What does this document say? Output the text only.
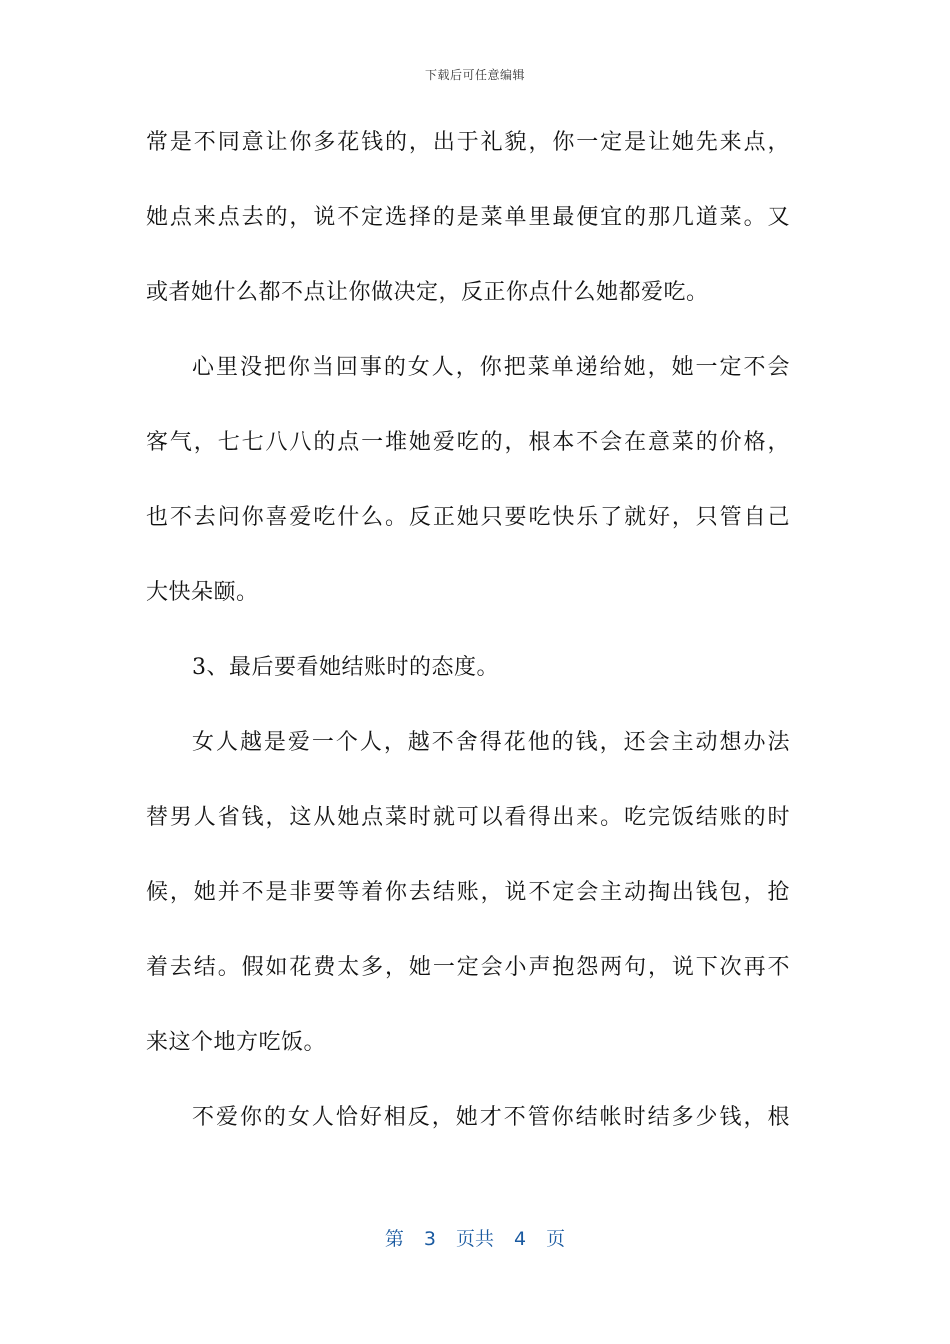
下载后可任意编辑
常是不同意让你多花钱的，出于礼貌，你一定是让她先来点，
她点来点去的，说不定选择的是菜单里最便宜的那几道菜。又
或者她什么都不点让你做决定，反正你点什么她都爱吃。
心里没把你当回事的女人，你把菜单递给她，她一定不会
客气，七七八八的点一堆她爱吃的，根本不会在意菜的价格，
也不去问你喜爱吃什么。反正她只要吃快乐了就好，只管自己
大快朵颐。
3、最后要看她结账时的态度。
女人越是爱一个人，越不舍得花他的钱，还会主动想办法
替男人省钱，这从她点菜时就可以看得出来。吃完饭结账的时
候，她并不是非要等着你去结账，说不定会主动掏出钱包，抢
着去结。假如花费太多，她一定会小声抱怨两句，说下次再不
来这个地方吃饭。
不爱你的女人恰好相反，她才不管你结帐时结多少钱，根
第 3 页共 4 页
